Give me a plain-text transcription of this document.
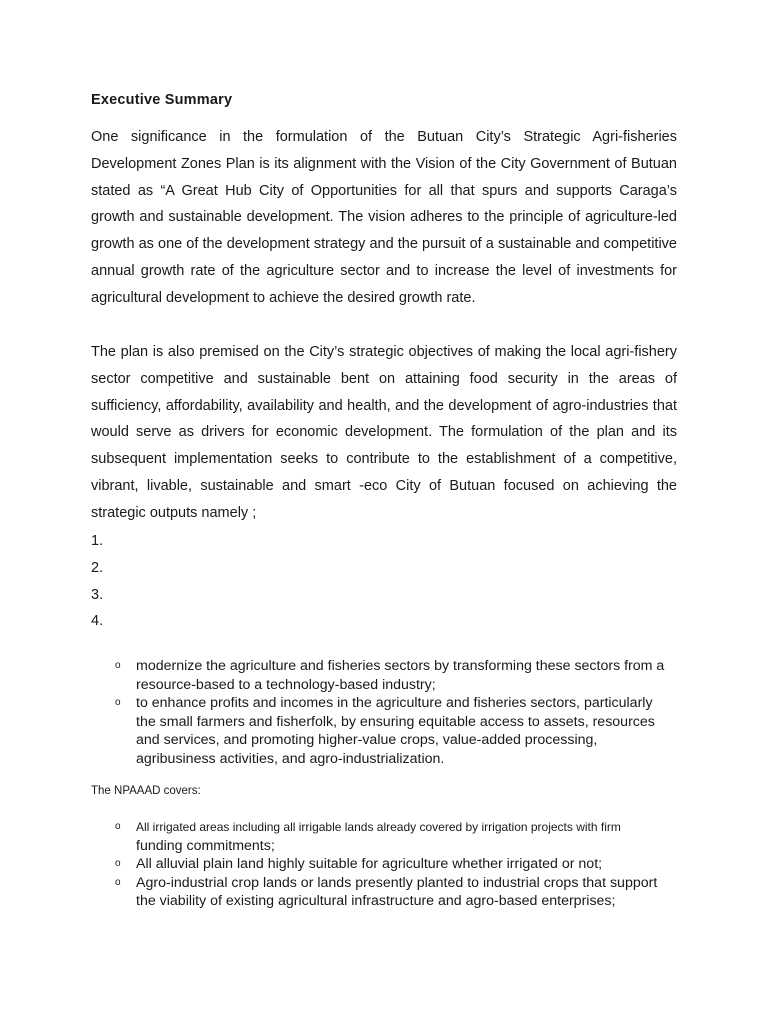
Executive Summary

One significance in the formulation of the Butuan City’s Strategic Agri-fisheries Development Zones Plan is its alignment with the Vision of the City Government of Butuan stated as “A Great Hub City of Opportunities for all that spurs and supports Caraga’s growth and sustainable development. The vision adheres to the principle of agriculture-led growth as one of the development strategy and the pursuit of a sustainable and competitive annual growth rate of the agriculture sector and to increase the level of investments for agricultural development to achieve the desired growth rate.

The plan is also premised on the City’s strategic objectives of making the local agri-fishery sector competitive and sustainable bent on attaining food security in the areas of sufficiency, affordability, availability and health, and the development of agro-industries that would serve as drivers for economic development. The formulation of the plan and its subsequent implementation seeks to contribute to the establishment of a competitive, vibrant, livable, sustainable and smart -eco City of Butuan focused on achieving the strategic outputs namely ;

1.
2.
3.
4.
o modernize the agriculture and fisheries sectors by transforming these sectors from a resource-based to a technology-based industry;
o to enhance profits and incomes in the agriculture and fisheries sectors, particularly the small farmers and fisherfolk, by ensuring equitable access to assets, resources and services, and promoting higher-value crops, value-added processing, agribusiness activities, and agro-industrialization.
The NPAAAD covers:
o All irrigated areas including all irrigable lands already covered by irrigation projects with firm
funding commitments;
o All alluvial plain land highly suitable for agriculture whether irrigated or not;
o Agro-industrial crop lands or lands presently planted to industrial crops that support the viability of existing agricultural infrastructure and agro-based enterprises;
